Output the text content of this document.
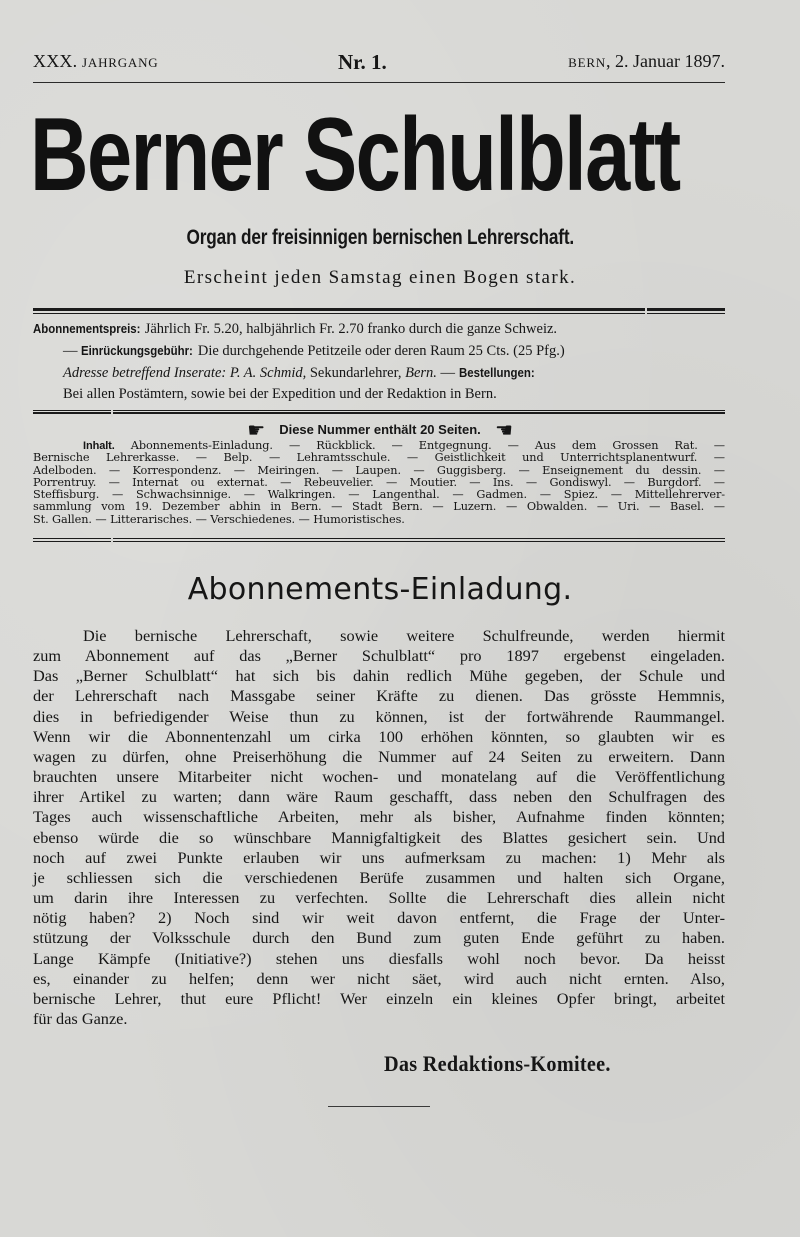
XXX. JAHRGANG	Nr. 1.	BERN, 2. Januar 1897.
Berner Schulblatt
Organ der freisinnigen bernischen Lehrerschaft.
Erscheint jeden Samstag einen Bogen stark.
Abonnementspreis: Jährlich Fr. 5.20, halbjährlich Fr. 2.70 franko durch die ganze Schweiz.
— Einrückungsgebühr: Die durchgehende Petitzeile oder deren Raum 25 Cts. (25 Pfg.)
Adresse betreffend Inserate: P. A. Schmid, Sekundarlehrer, Bern. — Bestellungen:
Bei allen Postämtern, sowie bei der Expedition und der Redaktion in Bern.
☛ Diese Nummer enthält 20 Seiten. ☛
Inhalt. Abonnements-Einladung. — Rückblick. — Entgegnung. — Aus dem Grossen Rat. —
Bernische Lehrerkasse. — Belp. — Lehramtsschule. — Geistlichkeit und Unterrichtsplanentwurf. —
Adelboden. — Korrespondenz. — Meiringen. — Laupen. — Guggisberg. — Enseignement du dessin. —
Porrentruy. — Internat ou externat. — Rebeuvelier. — Moutier. — Ins. — Gondiswyl. — Burgdorf. —
Steffisburg. — Schwachsinnige. — Walkringen. — Langenthal. — Gadmen. — Spiez. — Mittellehrerver-
sammlung vom 19. Dezember abhin in Bern. — Stadt Bern. — Luzern. — Obwalden. — Uri. — Basel. —
St. Gallen. — Litterarisches. — Verschiedenes. — Humoristisches.
Abonnements-Einladung.
Die bernische Lehrerschaft, sowie weitere Schulfreunde, werden hiermit
zum Abonnement auf das „Berner Schulblatt“ pro 1897 ergebenst eingeladen.
Das „Berner Schulblatt“ hat sich bis dahin redlich Mühe gegeben, der Schule und
der Lehrerschaft nach Massgabe seiner Kräfte zu dienen. Das grösste Hemmnis,
dies in befriedigender Weise thun zu können, ist der fortwährende Raummangel.
Wenn wir die Abonnentenzahl um cirka 100 erhöhen könnten, so glaubten wir es
wagen zu dürfen, ohne Preiserhöhung die Nummer auf 24 Seiten zu erweitern. Dann
brauchten unsere Mitarbeiter nicht wochen- und monatelang auf die Veröffentlichung
ihrer Artikel zu warten; dann wäre Raum geschafft, dass neben den Schulfragen des
Tages auch wissenschaftliche Arbeiten, mehr als bisher, Aufnahme finden könnten;
ebenso würde die so wünschbare Mannigfaltigkeit des Blattes gesichert sein. Und
noch auf zwei Punkte erlauben wir uns aufmerksam zu machen: 1) Mehr als
je schliessen sich die verschiedenen Berüfe zusammen und halten sich Organe,
um darin ihre Interessen zu verfechten. Sollte die Lehrerschaft dies allein nicht
nötig haben? 2) Noch sind wir weit davon entfernt, die Frage der Unter-
stützung der Volksschule durch den Bund zum guten Ende geführt zu haben.
Lange Kämpfe (Initiative?) stehen uns diesfalls wohl noch bevor. Da heisst
es, einander zu helfen; denn wer nicht säet, wird auch nicht ernten. Also,
bernische Lehrer, thut eure Pflicht! Wer einzeln ein kleines Opfer bringt, arbeitet
für das Ganze.
Das Redaktions-Komitee.
